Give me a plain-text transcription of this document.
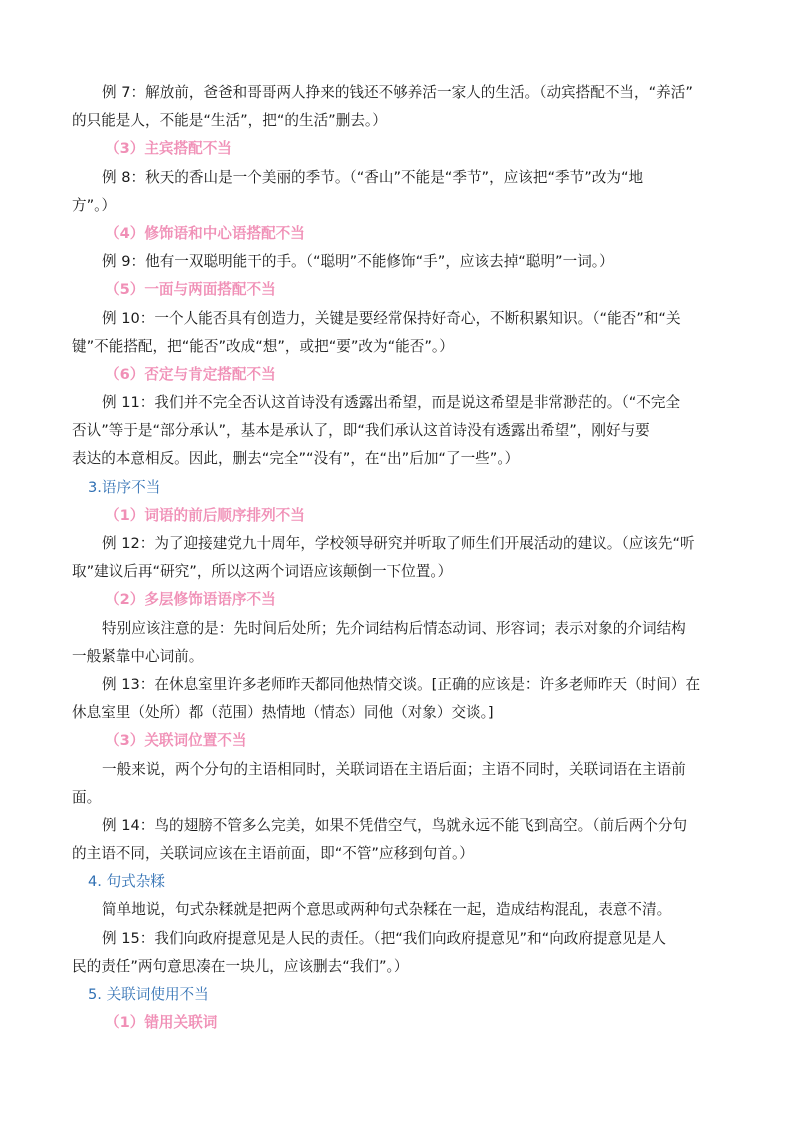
例 7：解放前，爸爸和哥哥两人挣来的钱还不够养活一家人的生活。（动宾搭配不当，“养活”
的只能是人，不能是“生活”，把“的生活”删去。）
（3）主宾搭配不当
例 8：秋天的香山是一个美丽的季节。（“香山”不能是“季节”，应该把“季节”改为“地
方”。）
（4）修饰语和中心语搭配不当
例 9：他有一双聪明能干的手。（“聪明”不能修饰“手”，应该去掉“聪明”一词。）
（5）一面与两面搭配不当
例 10：一个人能否具有创造力，关键是要经常保持好奇心，不断积累知识。（“能否”和“关
键”不能搭配，把“能否”改成“想”，或把“要”改为“能否”。）
（6）否定与肯定搭配不当
例 11：我们并不完全否认这首诗没有透露出希望，而是说这希望是非常渺茫的。（“不完全
否认”等于是“部分承认”，基本是承认了，即“我们承认这首诗没有透露出希望”，刚好与要
表达的本意相反。因此，删去“完全”“没有”，在“出”后加“了一些”。）
3.语序不当
（1）词语的前后顺序排列不当
例 12：为了迎接建党九十周年，学校领导研究并听取了师生们开展活动的建议。（应该先“听
取”建议后再“研究”，所以这两个词语应该颠倒一下位置。）
（2）多层修饰语语序不当
特别应该注意的是：先时间后处所；先介词结构后情态动词、形容词；表示对象的介词结构
一般紧靠中心词前。
例 13：在休息室里许多老师昨天都同他热情交谈。[正确的应该是：许多老师昨天（时间）在
休息室里（处所）都（范围）热情地（情态）同他（对象）交谈。]
（3）关联词位置不当
一般来说，两个分句的主语相同时，关联词语在主语后面；主语不同时，关联词语在主语前
面。
例 14：鸟的翅膀不管多么完美，如果不凭借空气，鸟就永远不能飞到高空。（前后两个分句
的主语不同，关联词应该在主语前面，即“不管”应移到句首。）
4. 句式杂糅
简单地说，句式杂糅就是把两个意思或两种句式杂糅在一起，造成结构混乱，表意不清。
例 15：我们向政府提意见是人民的责任。（把“我们向政府提意见”和“向政府提意见是人
民的责任”两句意思凑在一块儿，应该删去“我们”。）
5. 关联词使用不当
（1）错用关联词
